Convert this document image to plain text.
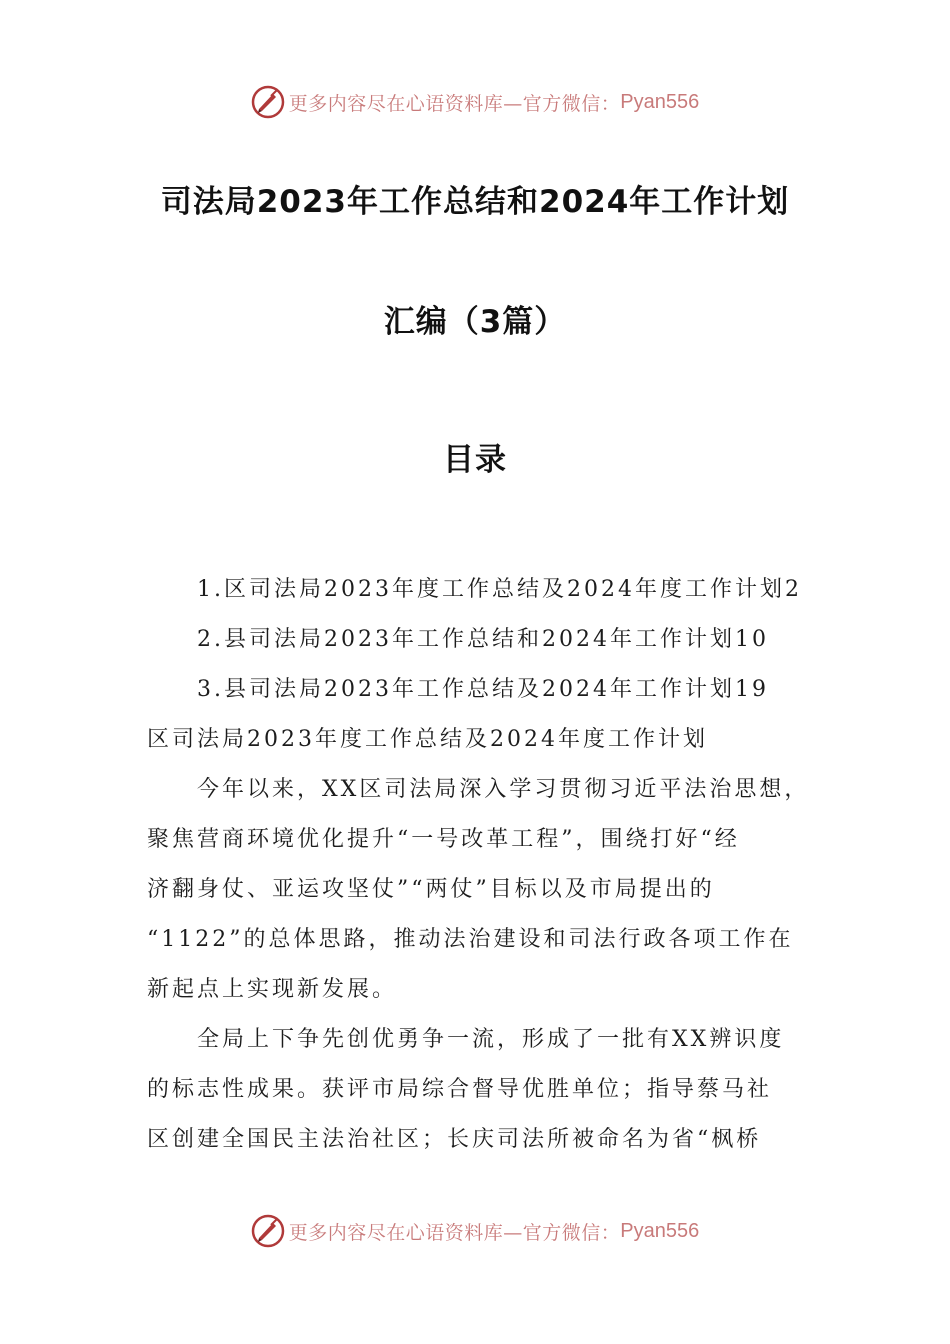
更多内容尽在心语资料库—官方微信： Pyan556
司法局2023年工作总结和2024年工作计划
汇编（3篇）
目录
1.区司法局2023年度工作总结及2024年度工作计划2
2.县司法局2023年工作总结和2024年工作计划10
3.县司法局2023年工作总结及2024年工作计划19
区司法局2023年度工作总结及2024年度工作计划
今年以来，XX区司法局深入学习贯彻习近平法治思想，
聚焦营商环境优化提升“一号改革工程”，围绕打好“经
济翻身仗、亚运攻坚仗”“两仗”目标以及市局提出的
“1122”的总体思路，推动法治建设和司法行政各项工作在
新起点上实现新发展。
全局上下争先创优勇争一流，形成了一批有XX辨识度
的标志性成果。获评市局综合督导优胜单位；指导蔡马社
区创建全国民主法治社区；长庆司法所被命名为省“枫桥
更多内容尽在心语资料库—官方微信： Pyan556
